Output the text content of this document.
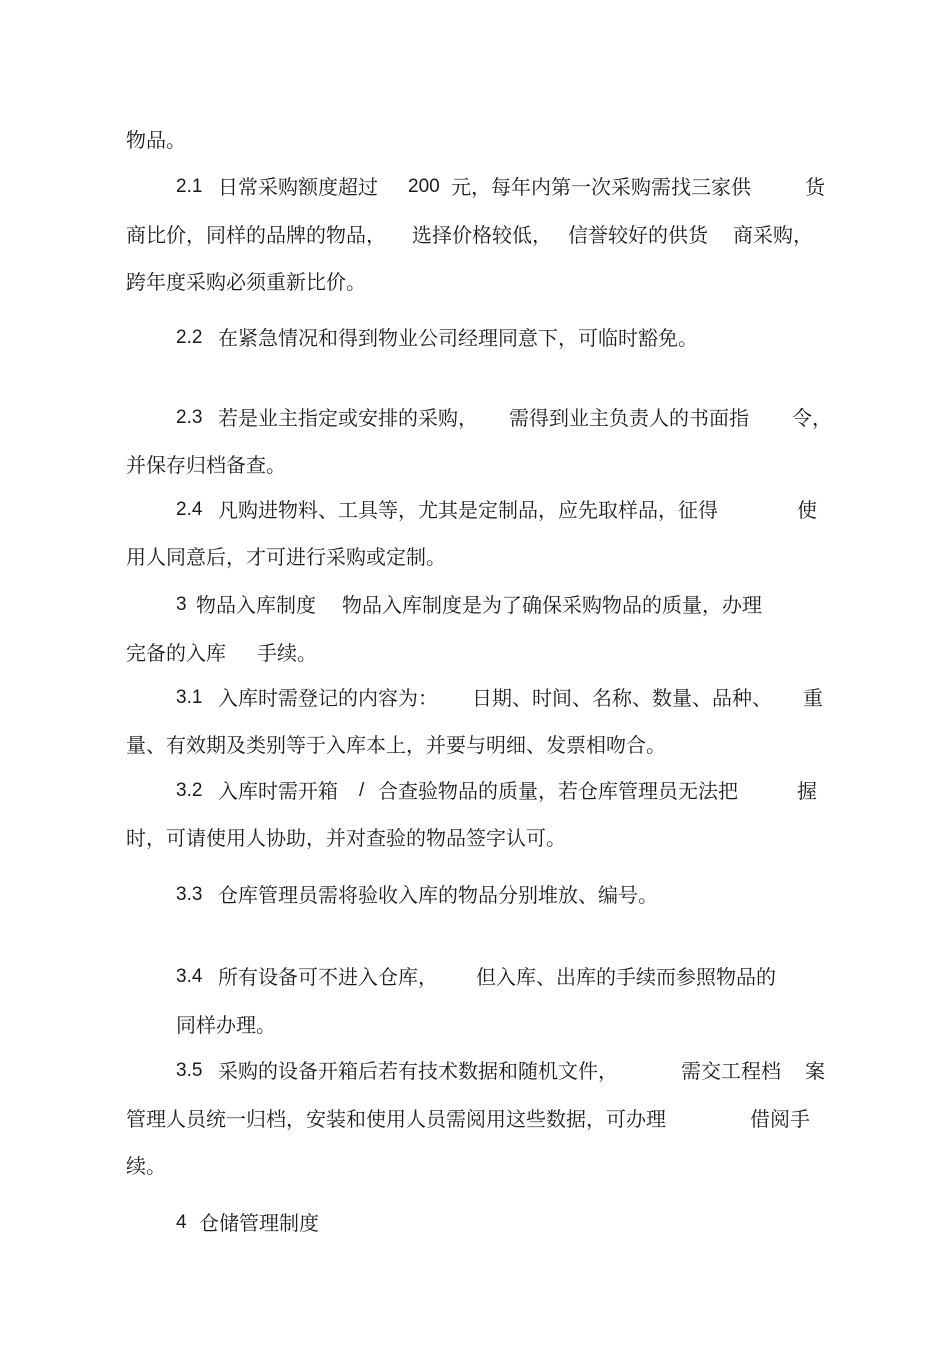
物品。

2.1 日常采购额度超过 200 元，每年内第一次采购需找三家供	货

商比价，同样的品牌的物品， 选择价格较低， 信誉较好的供货 商采购，

跨年度采购必须重新比价。

2.2 在紧急情况和得到物业公司经理同意下，可临时豁免。

2.3 若是业主指定或安排的采购， 需得到业主负责人的书面指 令，

并保存归档备查。

2.4 凡购进物料、工具等，尤其是定制品，应先取样品，征得	使

用人同意后，才可进行采购或定制。

3 物品入库制度 物品入库制度是为了确保采购物品的质量，办理

完备的入库 手续。

3.1 入库时需登记的内容为： 日期、时间、名称、数量、品种、 重

量、有效期及类别等于入库本上，并要与明细、发票相吻合。

3.2 入库时需开箱 / 合查验物品的质量，若仓库管理员无法把	握

时，可请使用人协助，并对查验的物品签字认可。

3.3 仓库管理员需将验收入库的物品分别堆放、编号。

3.4 所有设备可不进入仓库， 但入库、出库的手续而参照物品的

同样办理。

3.5 采购的设备开箱后若有技术数据和随机文件，	需交工程档 案

管理人员统一归档，安装和使用人员需阅用这些数据，可办理	借阅手

续。

4 仓储管理制度
